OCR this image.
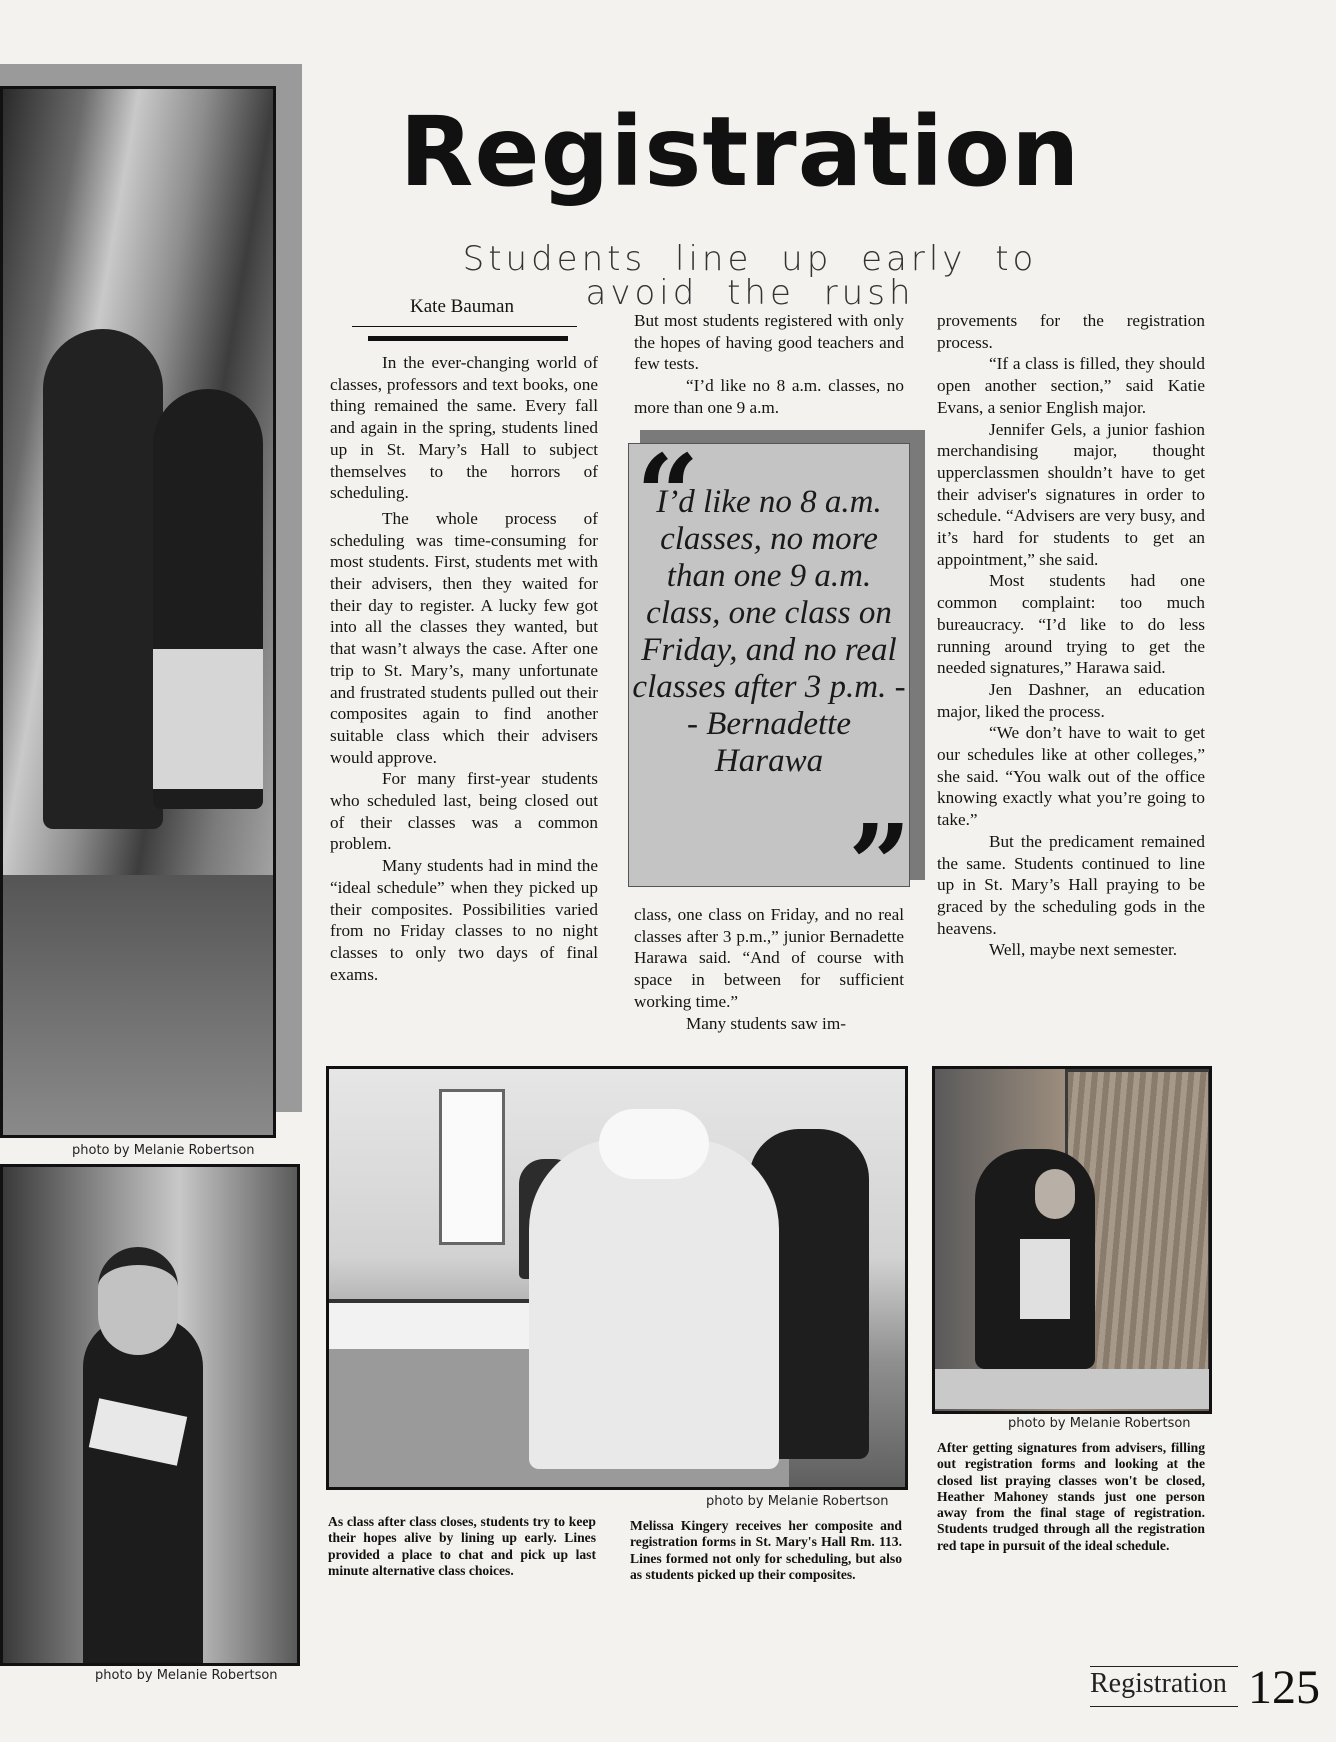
photo by Melanie Robertson
photo by Melanie Robertson
Registration
Students line up early to avoid the rush
Kate Bauman

In the ever-changing world of classes, professors and text books, one thing remained the same. Every fall and again in the spring, students lined up in St. Mary’s Hall to subject themselves to the horrors of scheduling.

The whole process of scheduling was time-consuming for most students. First, students met with their advisers, then they waited for their day to register. A lucky few got into all the classes they wanted, but that wasn’t always the case. After one trip to St. Mary’s, many unfortunate and frustrated students pulled out their composites again to find another suitable class which their advisers would approve.

For many first-year students who scheduled last, being closed out of their classes was a common problem.

Many students had in mind the “ideal schedule” when they picked up their composites. Possibilities varied from no Friday classes to no night classes to only two days of final exams.

But most students registered with only the hopes of having good teachers and few tests.

“I’d like no 8 a.m. classes, no more than one 9 a.m.

“
I’d like no 8 a.m. classes, no more than one 9 a.m. class, one class on Friday, and no real classes after 3 p.m. -- Bernadette Harawa
”

class, one class on Friday, and no real classes after 3 p.m.,” junior Bernadette Harawa said. “And of course with space in between for sufficient working time.”

Many students saw im-

provements for the registration process.

“If a class is filled, they should open another section,” said Katie Evans, a senior English major.

Jennifer Gels, a junior fashion merchandising major, thought upperclassmen shouldn’t have to get their adviser's signatures in order to schedule. “Advisers are very busy, and it’s hard for students to get an appointment,” she said.

Most students had one common complaint: too much bureaucracy. “I’d like to do less running around trying to get the needed signatures,” Harawa said.

Jen Dashner, an education major, liked the process.

“We don’t have to wait to get our schedules like at other colleges,” she said. “You walk out of the office knowing exactly what you’re going to take.”

But the predicament remained the same. Students continued to line up in St. Mary’s Hall praying to be graced by the scheduling gods in the heavens.

Well, maybe next semester.

photo by Melanie Robertson
photo by Melanie Robertson
As class after class closes, students try to keep their hopes alive by lining up early. Lines provided a place to chat and pick up last minute alternative class choices.
Melissa Kingery receives her composite and registration forms in St. Mary's Hall Rm. 113. Lines formed not only for scheduling, but also as students picked up their composites.
After getting signatures from advisers, filling out registration forms and looking at the closed list praying classes won't be closed, Heather Mahoney stands just one person away from the final stage of registration. Students trudged through all the registration red tape in pursuit of the ideal schedule.
Registration 125
